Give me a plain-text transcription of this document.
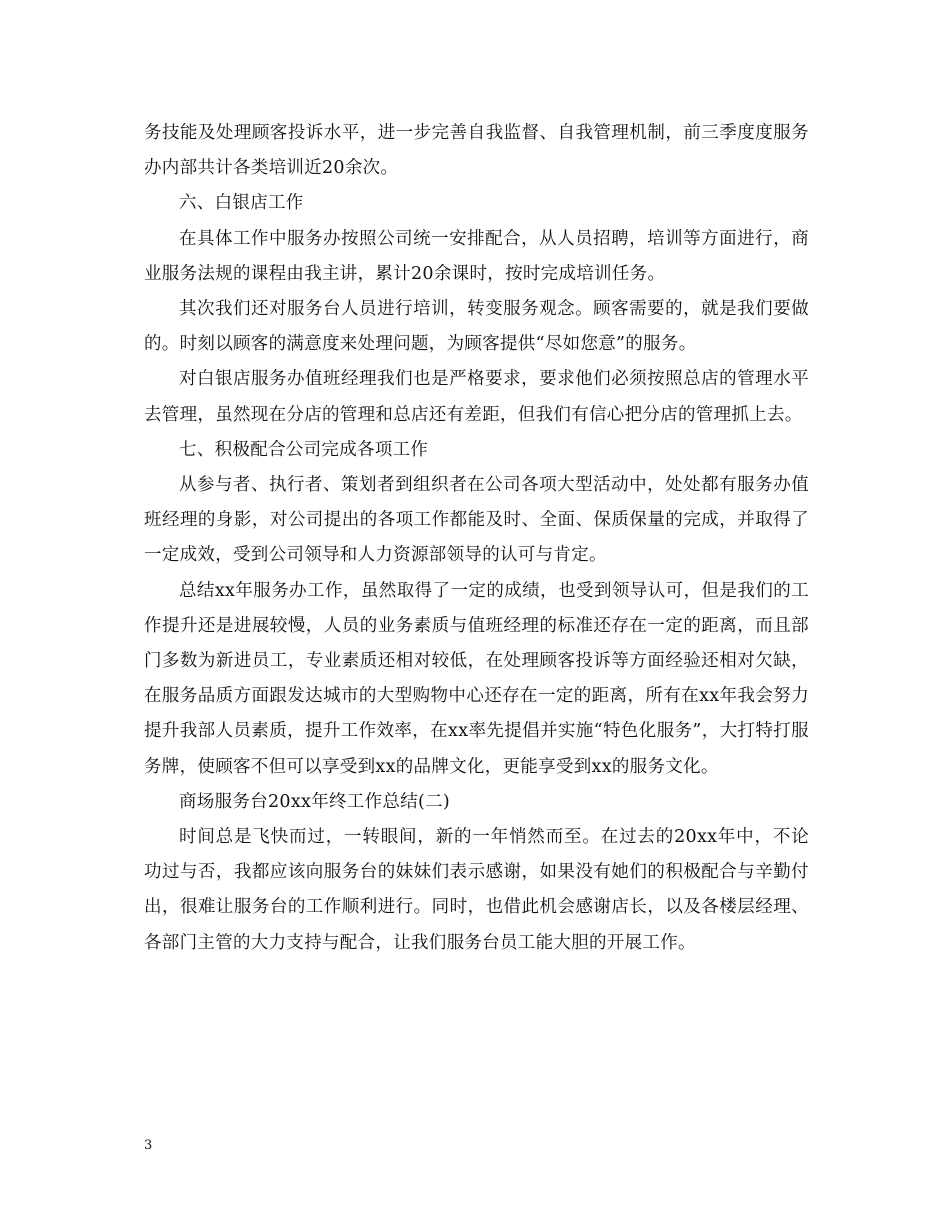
务技能及处理顾客投诉水平，进一步完善自我监督、自我管理机制，前三季度度服务办内部共计各类培训近20余次。

六、白银店工作

在具体工作中服务办按照公司统一安排配合，从人员招聘，培训等方面进行，商业服务法规的课程由我主讲，累计20余课时，按时完成培训任务。

其次我们还对服务台人员进行培训，转变服务观念。顾客需要的，就是我们要做的。时刻以顾客的满意度来处理问题，为顾客提供“尽如您意”的服务。

对白银店服务办值班经理我们也是严格要求，要求他们必须按照总店的管理水平去管理，虽然现在分店的管理和总店还有差距，但我们有信心把分店的管理抓上去。

七、积极配合公司完成各项工作

从参与者、执行者、策划者到组织者在公司各项大型活动中，处处都有服务办值班经理的身影，对公司提出的各项工作都能及时、全面、保质保量的完成，并取得了一定成效，受到公司领导和人力资源部领导的认可与肯定。

总结xx年服务办工作，虽然取得了一定的成绩，也受到领导认可，但是我们的工作提升还是进展较慢，人员的业务素质与值班经理的标准还存在一定的距离，而且部门多数为新进员工，专业素质还相对较低，在处理顾客投诉等方面经验还相对欠缺，在服务品质方面跟发达城市的大型购物中心还存在一定的距离，所有在xx年我会努力提升我部人员素质，提升工作效率，在xx率先提倡并实施“特色化服务”，大打特打服务牌，使顾客不但可以享受到xx的品牌文化，更能享受到xx的服务文化。

商场服务台20xx年终工作总结(二)

时间总是飞快而过，一转眼间，新的一年悄然而至。在过去的20xx年中，不论功过与否，我都应该向服务台的妹妹们表示感谢，如果没有她们的积极配合与辛勤付出，很难让服务台的工作顺利进行。同时，也借此机会感谢店长，以及各楼层经理、各部门主管的大力支持与配合，让我们服务台员工能大胆的开展工作。

3
